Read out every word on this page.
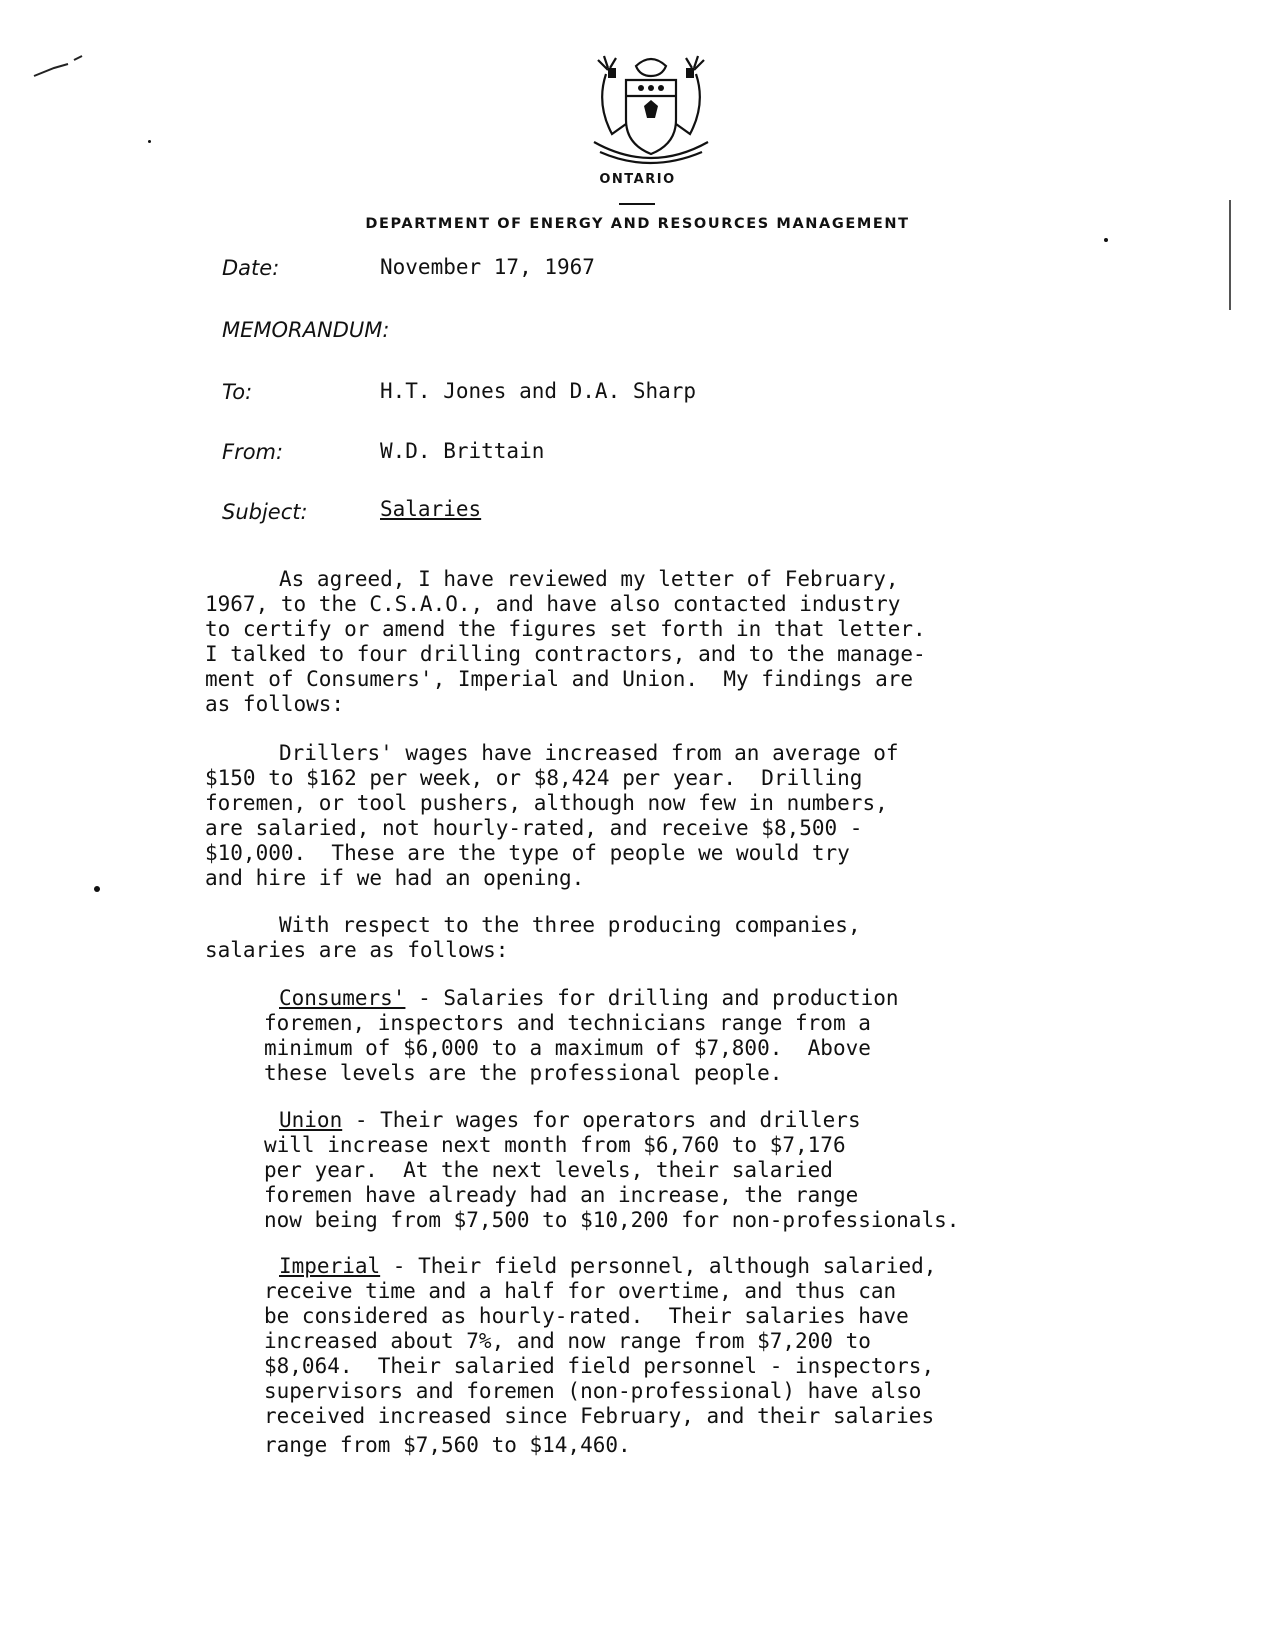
ONTARIO
DEPARTMENT OF ENERGY AND RESOURCES MANAGEMENT
Date:	November 17, 1967
MEMORANDUM:
To:	H.T. Jones and D.A. Sharp
From:	W.D. Brittain
Subject:	Salaries
As agreed, I have reviewed my letter of February,
1967, to the C.S.A.O., and have also contacted industry
to certify or amend the figures set forth in that letter.
I talked to four drilling contractors, and to the manage-
ment of Consumers', Imperial and Union.  My findings are
as follows:
Drillers' wages have increased from an average of
$150 to $162 per week, or $8,424 per year.  Drilling
foremen, or tool pushers, although now few in numbers,
are salaried, not hourly-rated, and receive $8,500 -
$10,000.  These are the type of people we would try
and hire if we had an opening.
With respect to the three producing companies,
salaries are as follows:
Consumers' - Salaries for drilling and production
foremen, inspectors and technicians range from a
minimum of $6,000 to a maximum of $7,800.  Above
these levels are the professional people.
Union - Their wages for operators and drillers
will increase next month from $6,760 to $7,176
per year.  At the next levels, their salaried
foremen have already had an increase, the range
now being from $7,500 to $10,200 for non-professionals.
Imperial - Their field personnel, although salaried,
receive time and a half for overtime, and thus can
be considered as hourly-rated.  Their salaries have
increased about 7%, and now range from $7,200 to
$8,064.  Their salaried field personnel - inspectors,
supervisors and foremen (non-professional) have also
received increased since February, and their salaries
range from $7,560 to $14,460.
